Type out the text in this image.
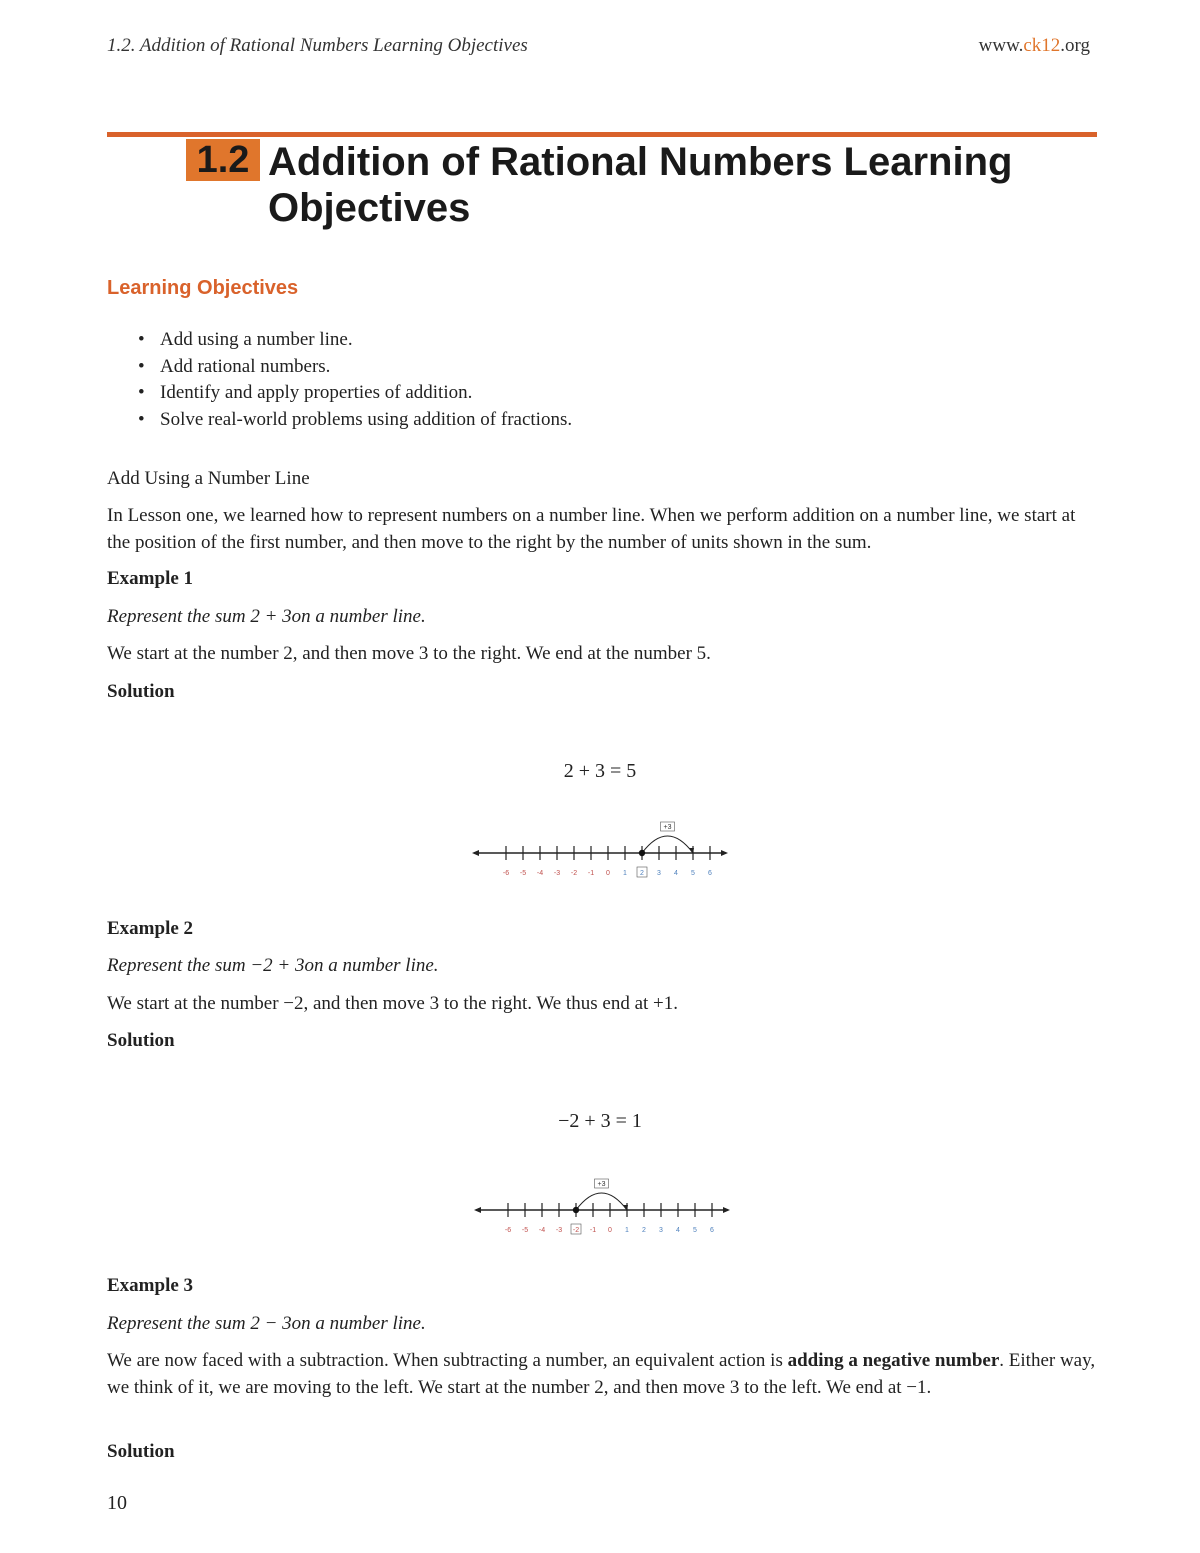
1.2. Addition of Rational Numbers Learning Objectives	www.ck12.org
1.2 Addition of Rational Numbers Learning Objectives
Learning Objectives
• Add using a number line.
• Add rational numbers.
• Identify and apply properties of addition.
• Solve real-world problems using addition of fractions.
Add Using a Number Line
In Lesson one, we learned how to represent numbers on a number line. When we perform addition on a number line, we start at the position of the first number, and then move to the right by the number of units shown in the sum.
Example 1
Represent the sum 2 + 3on a number line.
We start at the number 2, and then move 3 to the right. We end at the number 5.
Solution
2 + 3 = 5
-6 -5 -4 -3 -2 -1 0 1 2 3 4 5 6
+3
Example 2
Represent the sum −2 + 3on a number line.
We start at the number −2, and then move 3 to the right. We thus end at +1.
Solution
−2 + 3 = 1
-6 -5 -4 -3 -2 -1 0 1 2 3 4 5 6
+3
Example 3
Represent the sum 2 − 3on a number line.
We are now faced with a subtraction. When subtracting a number, an equivalent action is adding a negative number. Either way, we think of it, we are moving to the left. We start at the number 2, and then move 3 to the left. We end at −1.
Solution
10
